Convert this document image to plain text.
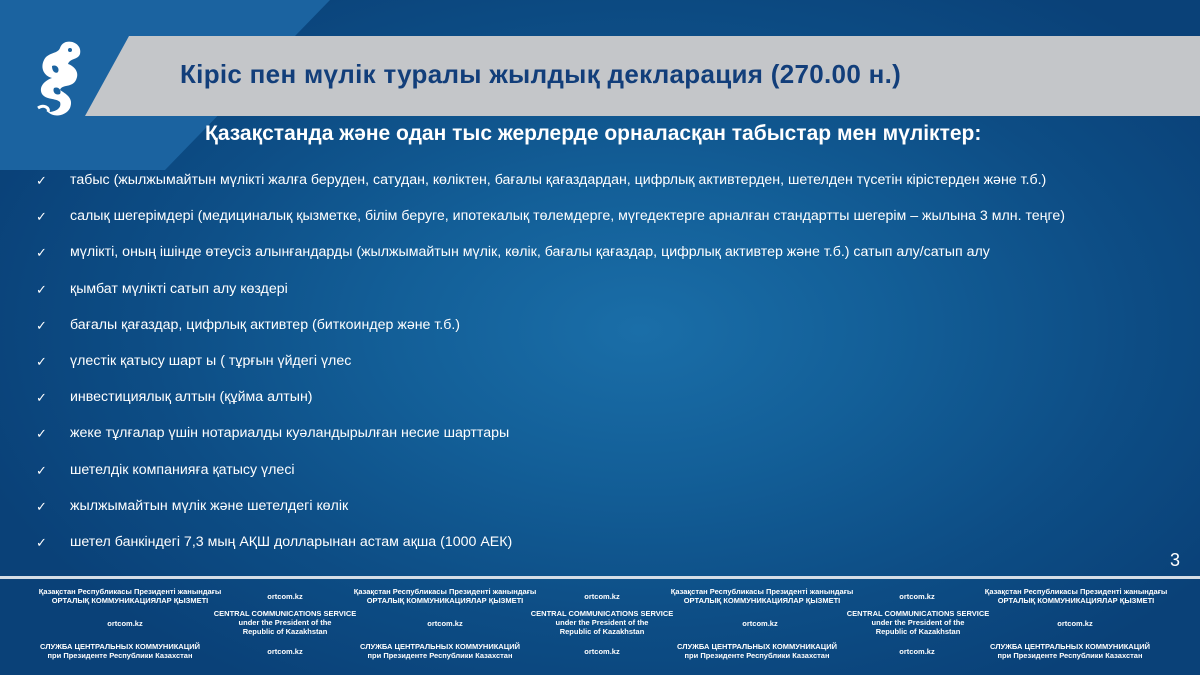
Кіріс пен мүлік туралы жылдық декларация (270.00 н.)
Қазақстанда және одан тыс жерлерде орналасқан табыстар мен мүліктер:
✓	табыс (жылжымайтын мүлікті жалға беруден, сатудан, көліктен, бағалы қағаздардан, цифрлық активтерден, шетелден түсетін кірістерден және т.б.)
✓	салық шегерімдері (медициналық қызметке, білім беруге, ипотекалық төлемдерге, мүгедектерге арналған стандартты шегерім – жылына 3 млн. теңге)
✓	мүлікті, оның ішінде өтеусіз алынғандарды (жылжымайтын мүлік, көлік, бағалы қағаздар, цифрлық активтер және т.б.) сатып алу/сатып алу
✓	қымбат мүлікті сатып алу көздері
✓	бағалы қағаздар, цифрлық активтер (биткоиндер және т.б.)
✓	үлестік қатысу шарт ы ( тұрғын үйдегі үлес
✓	инвестициялық алтын (құйма алтын)
✓	жеке тұлғалар үшін нотариалды куәландырылған несие шарттары
✓	шетелдік компанияға қатысу үлесі
✓	жылжымайтын мүлік және шетелдегі көлік
✓	шетел банкіндегі 7,3 мың АҚШ долларынан астам ақша (1000 АЕК)
3
Қазақстан Республикасы Президенті жанындағы
ОРТАЛЫҚ КОММУНИКАЦИЯЛАР ҚЫЗМЕТІ	ortcom.kz
Қазақстан Республикасы Президенті жанындағы
ОРТАЛЫҚ КОММУНИКАЦИЯЛАР ҚЫЗМЕТІ	ortcom.kz
Қазақстан Республикасы Президенті жанындағы
ОРТАЛЫҚ КОММУНИКАЦИЯЛАР ҚЫЗМЕТІ	ortcom.kz
Қазақстан Республикасы Президенті жанындағы
ОРТАЛЫҚ КОММУНИКАЦИЯЛАР ҚЫЗМЕТІ
ortcom.kz
CENTRAL COMMUNICATIONS SERVICE
under the President of the
Republic of Kazakhstan
ortcom.kz
CENTRAL COMMUNICATIONS SERVICE
under the President of the
Republic of Kazakhstan
ortcom.kz
CENTRAL COMMUNICATIONS SERVICE
under the President of the
Republic of Kazakhstan
ortcom.kz
СЛУЖБА ЦЕНТРАЛЬНЫХ КОММУНИКАЦИЙ
при Президенте Республики Казахстан	ortcom.kz
СЛУЖБА ЦЕНТРАЛЬНЫХ КОММУНИКАЦИЙ
при Президенте Республики Казахстан	ortcom.kz
СЛУЖБА ЦЕНТРАЛЬНЫХ КОММУНИКАЦИЙ
при Президенте Республики Казахстан	ortcom.kz
СЛУЖБА ЦЕНТРАЛЬНЫХ КОММУНИКАЦИЙ
при Президенте Республики Казахстан
